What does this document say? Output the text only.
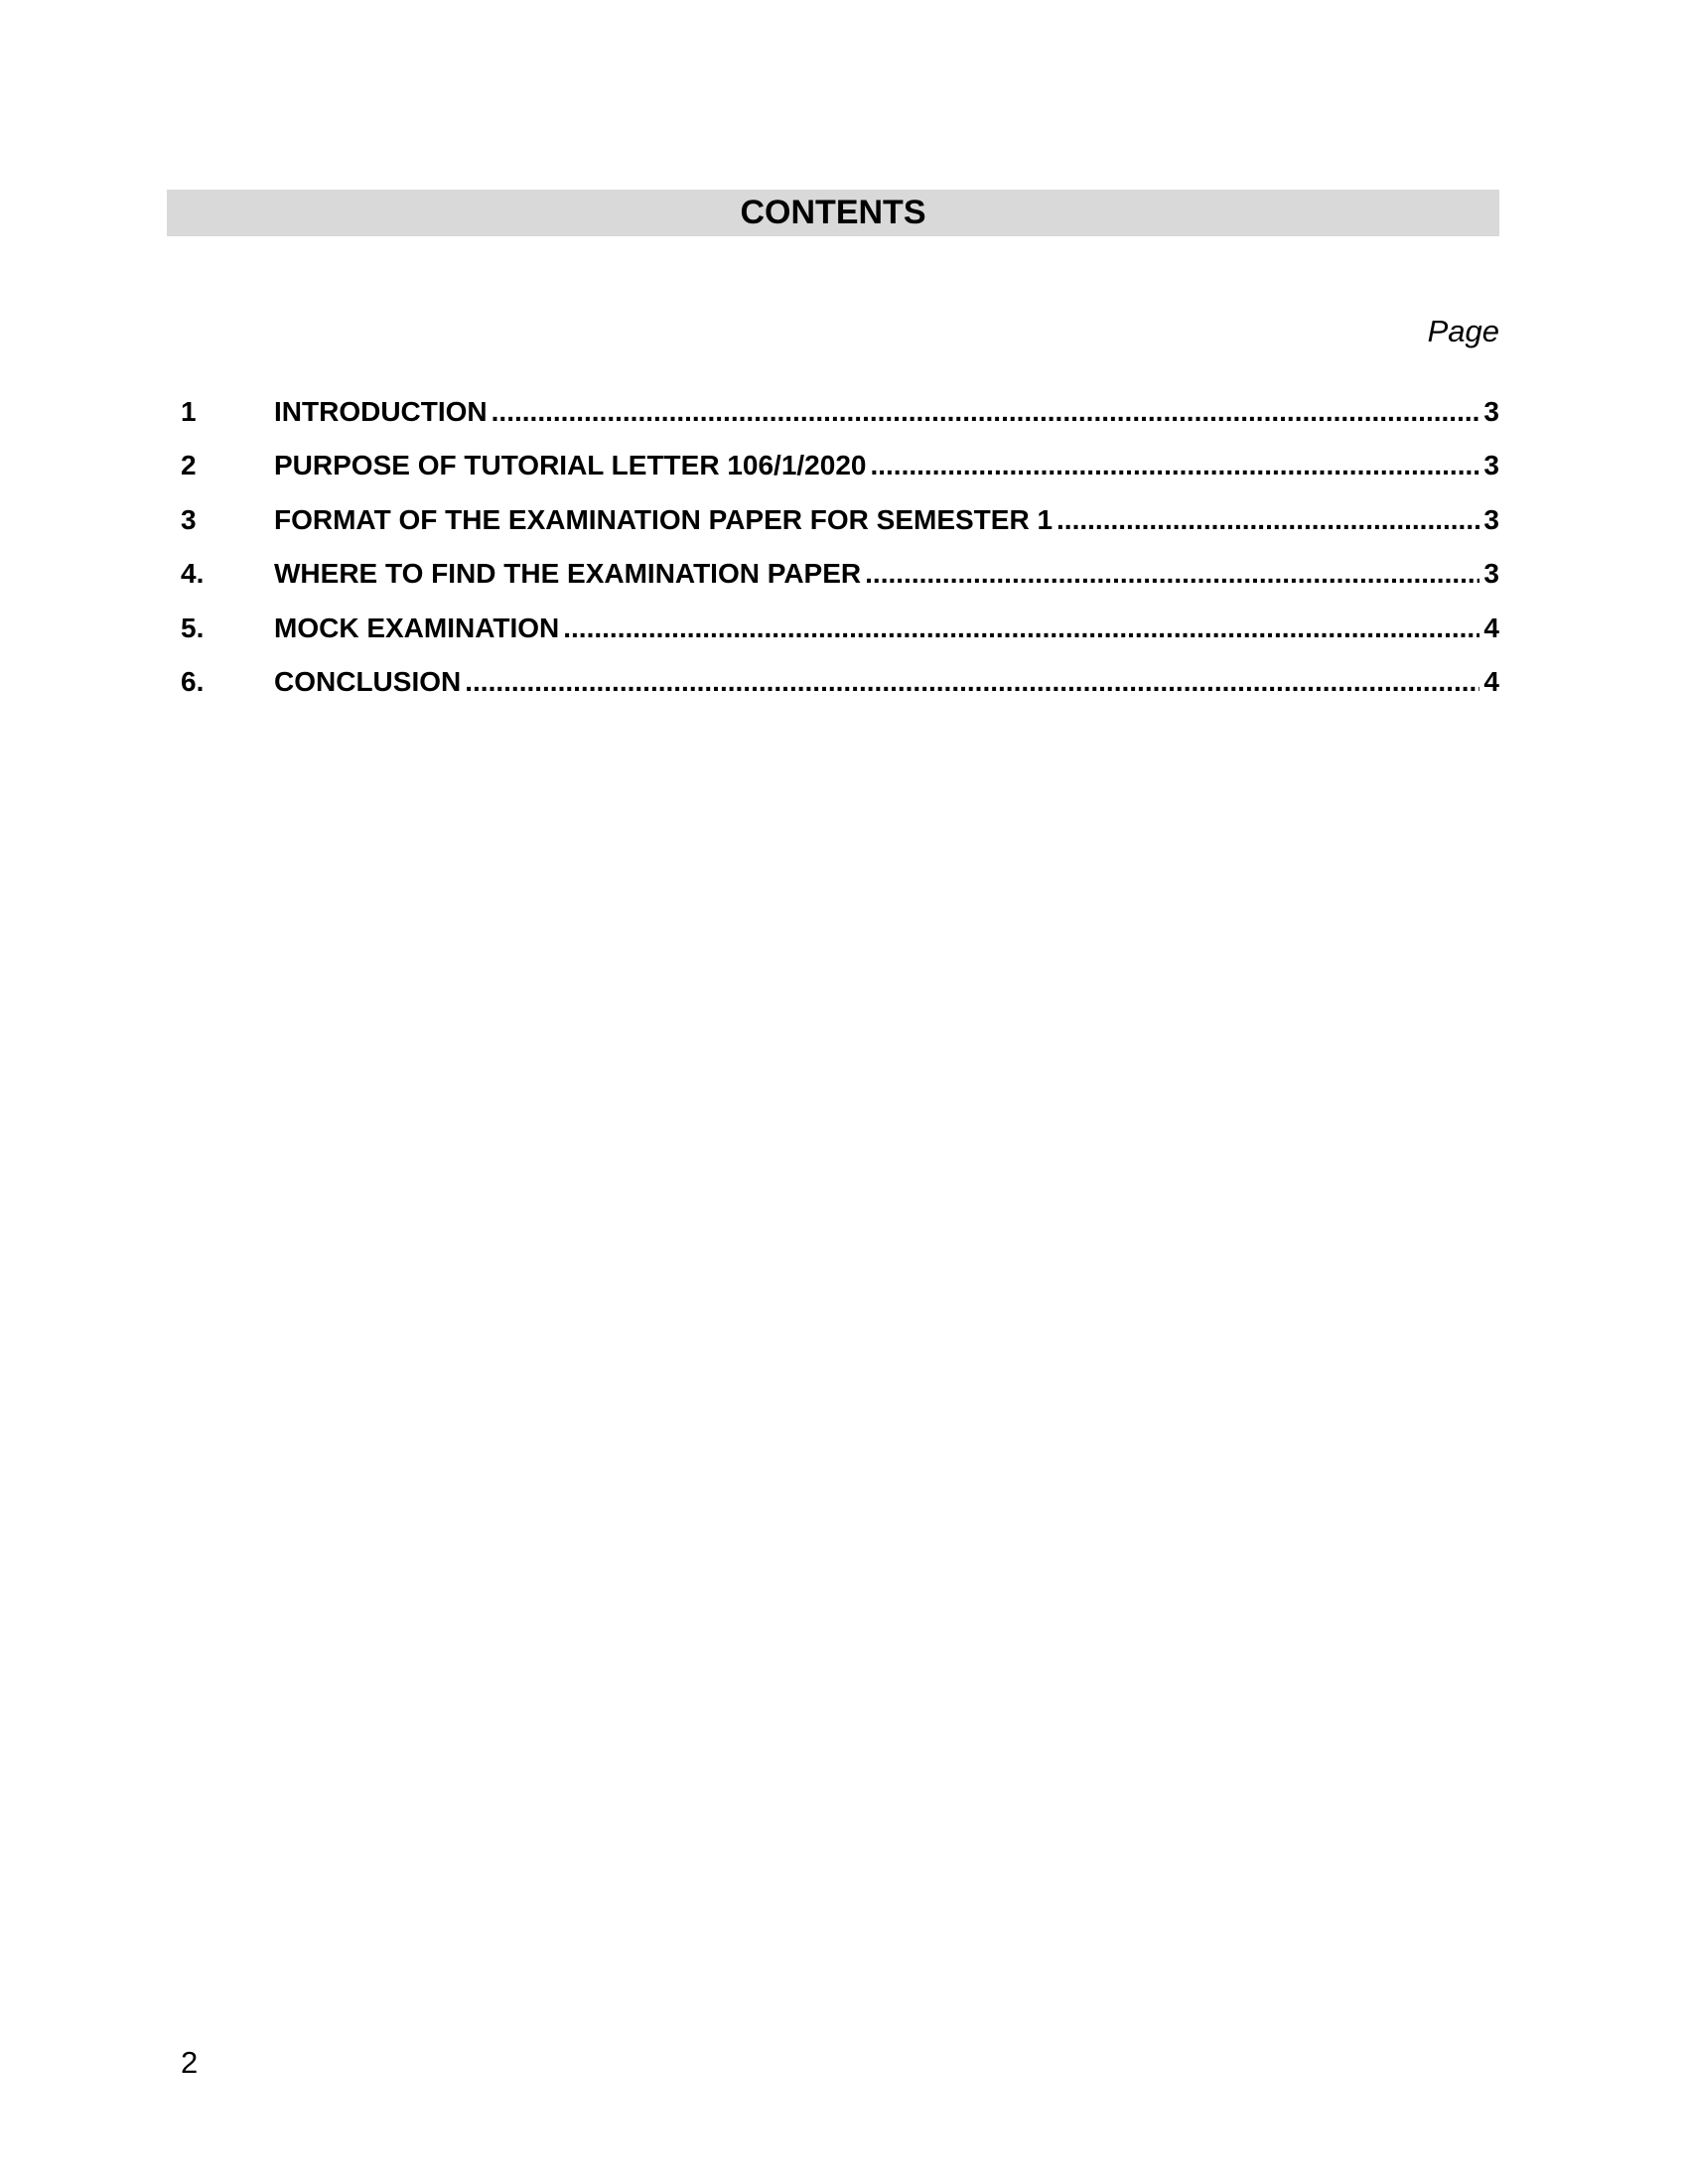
CONTENTS
Page
1	INTRODUCTION .....	3
2	PURPOSE OF TUTORIAL LETTER 106/1/2020 .....	3
3	FORMAT OF THE EXAMINATION PAPER FOR SEMESTER 1 .....	3
4.	WHERE TO FIND THE EXAMINATION PAPER .....	3
5.	MOCK EXAMINATION .....	4
6.	CONCLUSION .....	4
2
